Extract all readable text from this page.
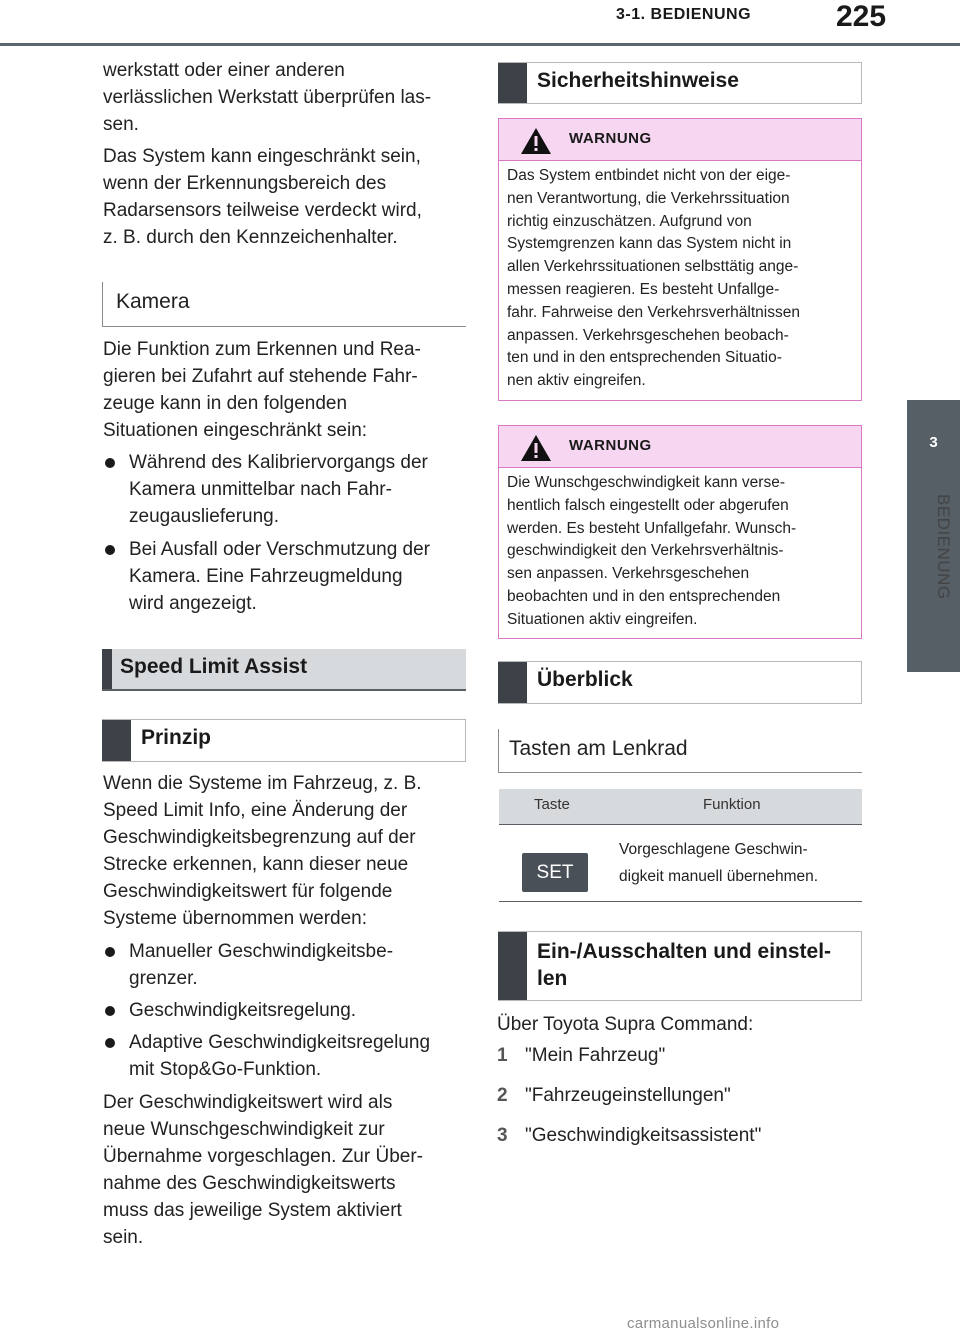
3-1. BEDIENUNG	225
3
BEDIENUNG
werkstatt oder einer anderen
verlässlichen Werkstatt überprüfen las-
sen.
Das System kann eingeschränkt sein,
wenn der Erkennungsbereich des
Radarsensors teilweise verdeckt wird,
z. B. durch den Kennzeichenhalter.
Kamera
Die Funktion zum Erkennen und Rea-
gieren bei Zufahrt auf stehende Fahr-
zeuge kann in den folgenden
Situationen eingeschränkt sein:
Während des Kalibriervorgangs der
Kamera unmittelbar nach Fahr-
zeugauslieferung.
Bei Ausfall oder Verschmutzung der
Kamera. Eine Fahrzeugmeldung
wird angezeigt.
Speed Limit Assist
Prinzip
Wenn die Systeme im Fahrzeug, z. B.
Speed Limit Info, eine Änderung der
Geschwindigkeitsbegrenzung auf der
Strecke erkennen, kann dieser neue
Geschwindigkeitswert für folgende
Systeme übernommen werden:
Manueller Geschwindigkeitsbe-
grenzer.
Geschwindigkeitsregelung.
Adaptive Geschwindigkeitsregelung
mit Stop&Go-Funktion.
Der Geschwindigkeitswert wird als
neue Wunschgeschwindigkeit zur
Übernahme vorgeschlagen. Zur Über-
nahme des Geschwindigkeitswerts
muss das jeweilige System aktiviert
sein.
Sicherheitshinweise
WARNUNG
Das System entbindet nicht von der eige-
nen Verantwortung, die Verkehrssituation
richtig einzuschätzen. Aufgrund von
Systemgrenzen kann das System nicht in
allen Verkehrssituationen selbsttätig ange-
messen reagieren. Es besteht Unfallge-
fahr. Fahrweise den Verkehrsverhältnissen
anpassen. Verkehrsgeschehen beobach-
ten und in den entsprechenden Situatio-
nen aktiv eingreifen.
WARNUNG
Die Wunschgeschwindigkeit kann verse-
hentlich falsch eingestellt oder abgerufen
werden. Es besteht Unfallgefahr. Wunsch-
geschwindigkeit den Verkehrsverhältnis-
sen anpassen. Verkehrsgeschehen
beobachten und in den entsprechenden
Situationen aktiv eingreifen.
Überblick
Tasten am Lenkrad
Taste	Funktion
SET
Vorgeschlagene Geschwin-
digkeit manuell übernehmen.
Ein-/Ausschalten und einstel-
len
Über Toyota Supra Command:
1 "Mein Fahrzeug"
2 "Fahrzeugeinstellungen"
3 "Geschwindigkeitsassistent"
carmanualsonline.info
